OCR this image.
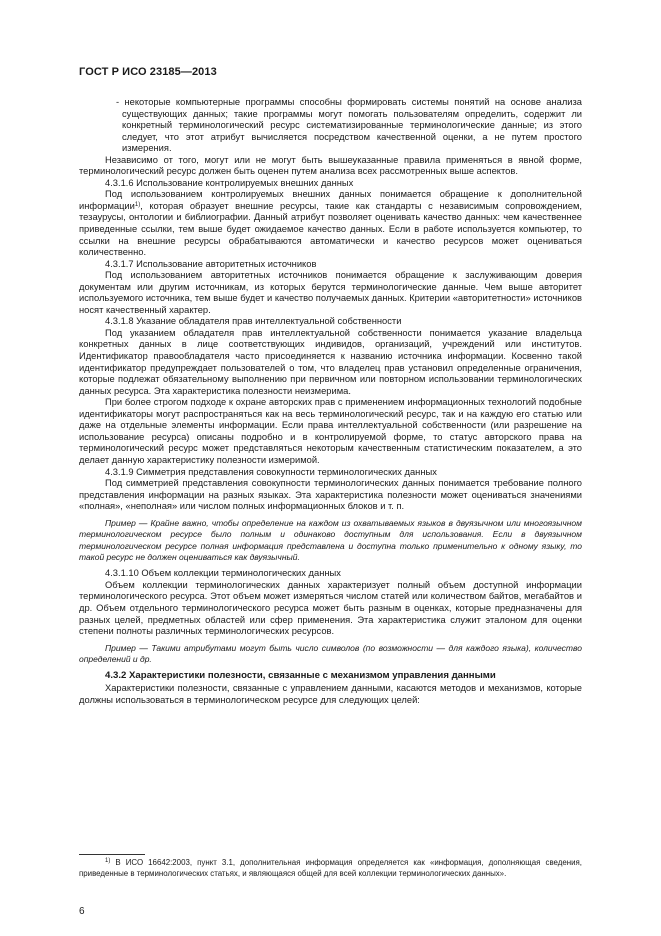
ГОСТ Р ИСО 23185—2013

- некоторые компьютерные программы способны формировать системы понятий на основе анализа существующих данных; такие программы могут помогать пользователям определить, содержит ли конкретный терминологический ресурс систематизированные терминологические данные; из этого следует, что этот атрибут вычисляется посредством качественной оценки, а не путем простого измерения.

Независимо от того, могут или не могут быть вышеуказанные правила применяться в явной форме, терминологический ресурс должен быть оценен путем анализа всех рассмотренных выше аспектов.

4.3.1.6 Использование контролируемых внешних данных

Под использованием контролируемых внешних данных понимается обращение к дополнительной информации$^{1)}$, которая образует внешние ресурсы, такие как стандарты с независимым сопровождением, тезаурусы, онтологии и библиографии. Данный атрибут позволяет оценивать качество данных: чем качественнее приведенные ссылки, тем выше будет ожидаемое качество данных. Если в работе используется компьютер, то ссылки на внешние ресурсы обрабатываются автоматически и качество ресурсов может оцениваться количественно.

4.3.1.7 Использование авторитетных источников

Под использованием авторитетных источников понимается обращение к заслуживающим доверия документам или другим источникам, из которых берутся терминологические данные. Чем выше авторитет используемого источника, тем выше будет и качество получаемых данных. Критерии «авторитетности» источников носят качественный характер.

4.3.1.8 Указание обладателя прав интеллектуальной собственности

Под указанием обладателя прав интеллектуальной собственности понимается указание владельца конкретных данных в лице соответствующих индивидов, организаций, учреждений или институтов. Идентификатор правообладателя часто присоединяется к названию источника информации. Косвенно такой идентификатор предупреждает пользователей о том, что владелец прав установил определенные ограничения, которые подлежат обязательному выполнению при первичном или повторном использовании терминологических данных ресурса. Эта характеристика полезности неизмерима.

При более строгом подходе к охране авторских прав с применением информационных технологий подобные идентификаторы могут распространяться как на весь терминологический ресурс, так и на каждую его статью или даже на отдельные элементы информации. Если права интеллектуальной собственности (или разрешение на использование ресурса) описаны подробно и в контролируемой форме, то статус авторского права на терминологический ресурс может представляться некоторым качественным статистическим показателем, а это делает данную характеристику полезности измеримой.

4.3.1.9 Симметрия представления совокупности терминологических данных

Под симметрией представления совокупности терминологических данных понимается требование полного представления информации на разных языках. Эта характеристика полезности может оцениваться значениями «полная», «неполная» или числом полных информационных блоков и т. п.

Пример — Крайне важно, чтобы определение на каждом из охватываемых языков в двуязычном или многоязычном терминологическом ресурсе было полным и одинаково доступным для использования. Если в двуязычном терминологическом ресурсе полная информация представлена и доступна только применительно к одному языку, то такой ресурс не должен оцениваться как двуязычный.

4.3.1.10 Объем коллекции терминологических данных

Объем коллекции терминологических данных характеризует полный объем доступной информации терминологического ресурса. Этот объем может измеряться числом статей или количеством байтов, мегабайтов и др. Объем отдельного терминологического ресурса может быть разным в оценках, которые предназначены для разных целей, предметных областей или сфер применения. Эта характеристика служит эталоном для оценки степени полноты различных терминологических ресурсов.

Пример — Такими атрибутами могут быть число символов (по возможности — для каждого языка), количество определений и др.

4.3.2 Характеристики полезности, связанные с механизмом управления данными

Характеристики полезности, связанные с управлением данными, касаются методов и механизмов, которые должны использоваться в терминологическом ресурсе для следующих целей:

$^{1)}$ В ИСО 16642:2003, пункт 3.1, дополнительная информация определяется как «информация, дополняющая сведения, приведенные в терминологических статьях, и являющаяся общей для всей коллекции терминологических данных».

6
